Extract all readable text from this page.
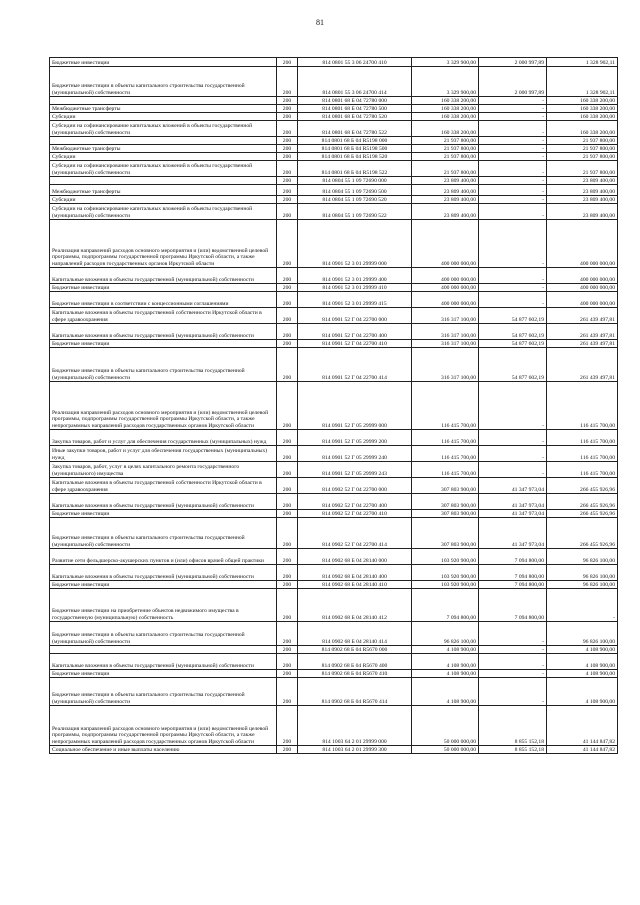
81
Бюджетные инвестиции	200	814 0801 55 3 06 24700 410	3 329 900,00	2 000 997,89	1 328 902,11
Бюджетные инвестиции в объекты капитального строительства государственной (муниципальной) собственности	200	814 0801 55 3 06 24700 414	3 329 900,00	2 000 997,89	1 328 902,11
	200	814 0801 68 Б 04 72780 000	160 338 200,00	-	160 338 200,00
Межбюджетные трансферты	200	814 0801 68 Б 04 72780 500	160 338 200,00	-	160 338 200,00
Субсидии	200	814 0801 68 Б 04 72780 520	160 338 200,00	-	160 338 200,00
Субсидии на софинансирование капитальных вложений в объекты государственной (муниципальной) собственности	200	814 0801 68 Б 04 72780 522	160 338 200,00	-	160 338 200,00
	200	814 0801 68 Б 04 R5198 000	21 937 800,00	-	21 937 800,00
Межбюджетные трансферты	200	814 0801 68 Б 04 R5198 500	21 937 800,00	-	21 937 800,00
Субсидии	200	814 0801 68 Б 04 R5198 520	21 937 800,00	-	21 937 800,00
Субсидии на софинансирование капитальных вложений в объекты государственной (муниципальной) собственности	200	814 0801 68 Б 04 R5198 522	21 937 800,00	-	21 937 800,00
	200	814 0804 55 1 09 72690 000	23 809 400,00	-	23 809 400,00
Межбюджетные трансферты	200	814 0804 55 1 09 72690 500	23 809 400,00	-	23 809 400,00
Субсидии	200	814 0804 55 1 09 72690 520	23 809 400,00	-	23 809 400,00
Субсидии на софинансирование капитальных вложений в объекты государственной (муниципальной) собственности	200	814 0804 55 1 09 72690 522	23 809 400,00	-	23 809 400,00
Реализация направлений расходов основного мероприятия и (или) ведомственной целевой программы, подпрограммы государственной программы Иркутской области, а также направлений расходов государственных органов Иркутской области	200	814 0901 52 3 01 29999 000	400 000 000,00	-	400 000 000,00
Капитальные вложения в объекты государственной (муниципальной) собственности	200	814 0901 52 3 01 29999 400	400 000 000,00	-	400 000 000,00
Бюджетные инвестиции	200	814 0901 52 3 01 29999 410	400 000 000,00	-	400 000 000,00
Бюджетные инвестиции в соответствии с концессионными соглашениями	200	814 0901 52 3 01 29999 415	400 000 000,00	-	400 000 000,00
Капитальные вложения в объекты государственной собственности Иркутской области в сфере здравоохранения	200	814 0901 52 Г 04 22700 000	316 317 100,00	54 877 602,19	261 439 497,81
Капитальные вложения в объекты государственной (муниципальной) собственности	200	814 0901 52 Г 04 22700 400	316 317 100,00	54 877 602,19	261 439 497,81
Бюджетные инвестиции	200	814 0901 52 Г 04 22700 410	316 317 100,00	54 877 602,19	261 439 497,81
Бюджетные инвестиции в объекты капитального строительства государственной (муниципальной) собственности	200	814 0901 52 Г 04 22700 414	316 317 100,00	54 877 602,19	261 439 497,81
Реализация направлений расходов основного мероприятия и (или) ведомственной целевой программы, подпрограммы государственной программы Иркутской области, а также непрограммных направлений расходов государственных органов Иркутской области	200	814 0901 52 Г 05 29999 000	116 415 700,00	-	116 415 700,00
Закупка товаров, работ и услуг для обеспечения государственных (муниципальных) нужд	200	814 0901 52 Г 05 29999 200	116 415 700,00	-	116 415 700,00
Иные закупки товаров, работ и услуг для обеспечения государственных (муниципальных) нужд	200	814 0901 52 Г 05 29999 240	116 415 700,00	-	116 415 700,00
Закупка товаров, работ, услуг в целях капитального ремонта государственного (муниципального) имущества	200	814 0901 52 Г 05 29999 243	116 415 700,00	-	116 415 700,00
Капитальные вложения в объекты государственной собственности Иркутской области в сфере здравоохранения	200	814 0902 52 Г 04 22700 000	307 803 900,00	41 347 973,04	266 455 926,96
Капитальные вложения в объекты государственной (муниципальной) собственности	200	814 0902 52 Г 04 22700 400	307 803 900,00	41 347 973,04	266 455 926,96
Бюджетные инвестиции	200	814 0902 52 Г 04 22700 410	307 803 900,00	41 347 973,04	266 455 926,96
Бюджетные инвестиции в объекты капитального строительства государственной (муниципальной) собственности	200	814 0902 52 Г 04 22700 414	307 803 900,00	41 347 973,04	266 455 926,96
Развитие сети фельдшерско-акушерских пунктов и (или) офисов врачей общей практики	200	814 0902 68 Б 04 28140 000	103 920 900,00	7 094 800,00	96 826 100,00
Капитальные вложения в объекты государственной (муниципальной) собственности	200	814 0902 68 Б 04 28140 400	103 920 900,00	7 094 800,00	96 826 100,00
Бюджетные инвестиции	200	814 0902 68 Б 04 28140 410	103 920 900,00	7 094 800,00	96 826 100,00
Бюджетные инвестиции на приобретение объектов недвижимого имущества в государственную (муниципальную) собственность	200	814 0902 68 Б 04 28140 412	7 094 800,00	7 094 800,00	-
Бюджетные инвестиции в объекты капитального строительства государственной (муниципальной) собственности	200	814 0902 68 Б 04 28140 414	96 826 100,00	-	96 826 100,00
	200	814 0902 68 Б 04 R5670 000	4 108 900,00	-	4 108 900,00
Капитальные вложения в объекты государственной (муниципальной) собственности	200	814 0902 68 Б 04 R5670 400	4 108 900,00	-	4 108 900,00
Бюджетные инвестиции	200	814 0902 68 Б 04 R5670 410	4 108 900,00	-	4 108 900,00
Бюджетные инвестиции в объекты капитального строительства государственной (муниципальной) собственности	200	814 0902 68 Б 04 R5670 414	4 108 900,00	-	4 108 900,00
Реализация направлений расходов основного мероприятия и (или) ведомственной целевой программы, подпрограммы государственной программы Иркутской области, а также непрограммных направлений расходов государственных органов Иркутской области	200	814 1003 64 2 01 29999 000	50 000 000,00	8 855 152,18	41 144 847,82
Социальное обеспечение и иные выплаты населению	200	814 1003 64 2 01 29999 300	50 000 000,00	8 855 152,18	41 144 847,82
